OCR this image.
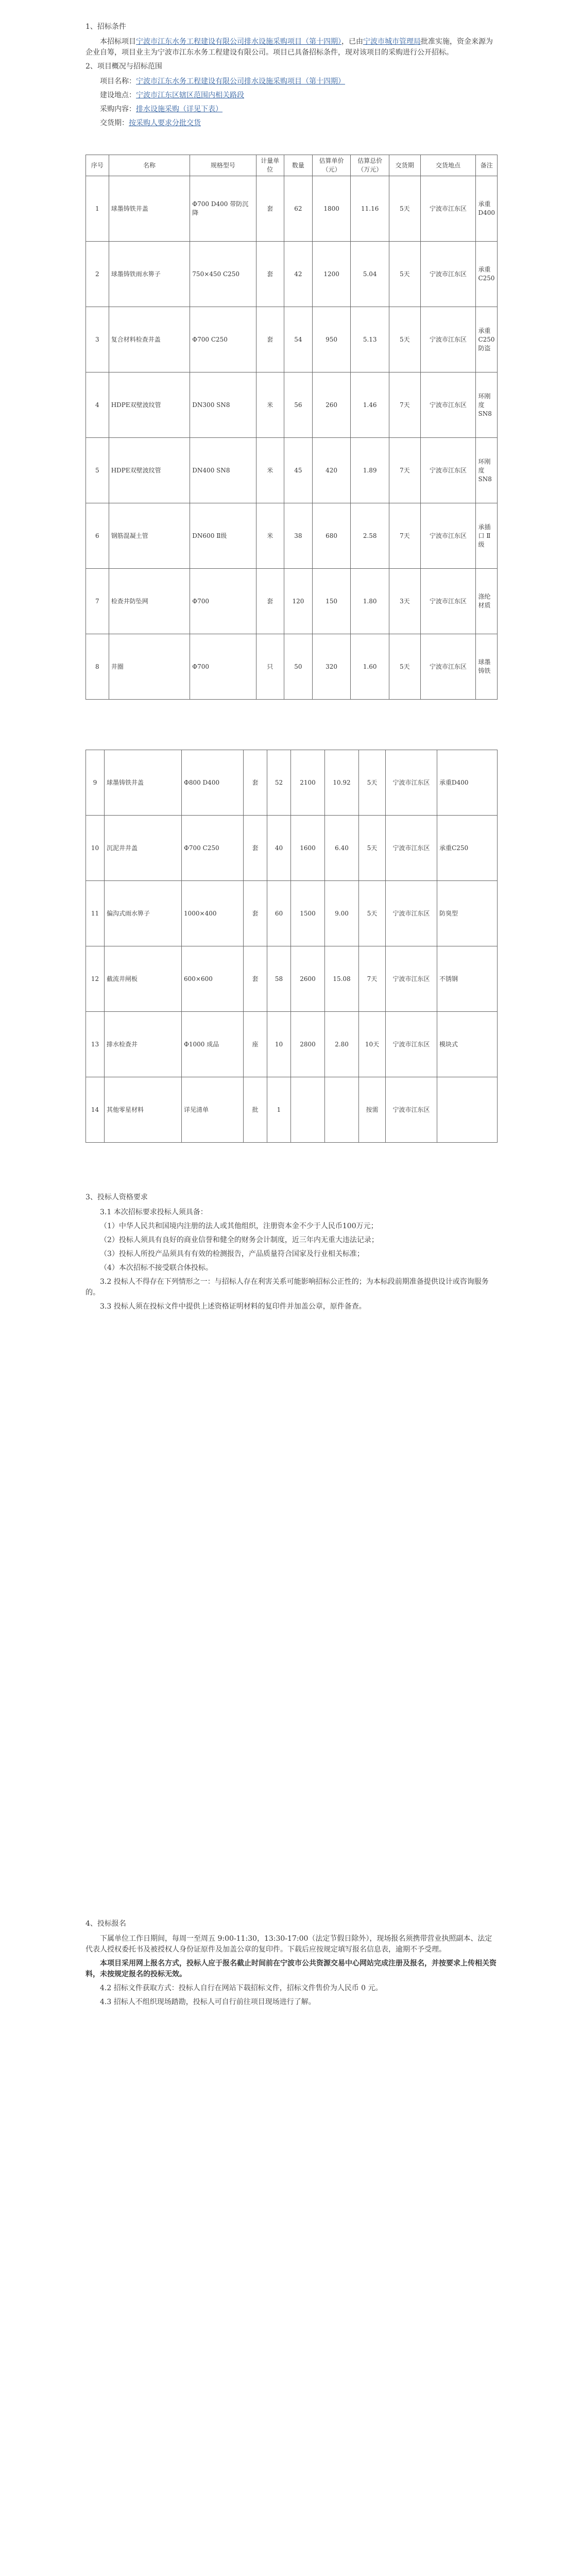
1、招标条件

本招标项目宁波市江东水务工程建设有限公司排水设施采购项目（第十四期），已由宁波市城市管理局批准实施，资金来源为企业自筹，项目业主为宁波市江东水务工程建设有限公司。项目已具备招标条件，现对该项目的采购进行公开招标。

2、项目概况与招标范围

项目名称：宁波市江东水务工程建设有限公司排水设施采购项目（第十四期）

建设地点：宁波市江东区辖区范围内相关路段

采购内容：排水设施采购（详见下表）

交货期：按采购人要求分批交货

序号	名称	规格型号	计量单位	数量	估算单价（元）	估算总价（万元）	交货期	交货地点	备注
1	球墨铸铁井盖	Φ700 D400 带防沉降	套	62	1800	11.16	5天	宁波市江东区	承重D400
2	球墨铸铁雨水箅子	750×450 C250	套	42	1200	5.04	5天	宁波市江东区	承重C250
3	复合材料检查井盖	Φ700 C250	套	54	950	5.13	5天	宁波市江东区	承重C250 防盗
4	HDPE双壁波纹管	DN300 SN8	米	56	260	1.46	7天	宁波市江东区	环刚度SN8
5	HDPE双壁波纹管	DN400 SN8	米	45	420	1.89	7天	宁波市江东区	环刚度SN8
6	钢筋混凝土管	DN600 Ⅱ级	米	38	680	2.58	7天	宁波市江东区	承插口 Ⅱ级
7	检查井防坠网	Φ700	套	120	150	1.80	3天	宁波市江东区	涤纶材质
8	井圈	Φ700	只	50	320	1.60	5天	宁波市江东区	球墨铸铁
9	球墨铸铁井盖	Φ800 D400	套	52	2100	10.92	5天	宁波市江东区	承重D400
10	沉泥井井盖	Φ700 C250	套	40	1600	6.40	5天	宁波市江东区	承重C250
11	偏沟式雨水箅子	1000×400	套	60	1500	9.00	5天	宁波市江东区	防臭型
12	截流井闸板	600×600	套	58	2600	15.08	7天	宁波市江东区	不锈钢
13	排水检查井	Φ1000 成品	座	10	2800	2.80	10天	宁波市江东区	模块式
14	其他零星材料	详见清单	批	1			按需	宁波市江东区	

3、投标人资格要求

3.1 本次招标要求投标人须具备：

（1）中华人民共和国境内注册的法人或其他组织，注册资本金不少于人民币100万元；

（2）投标人须具有良好的商业信誉和健全的财务会计制度，近三年内无重大违法记录；

（3）投标人所投产品须具有有效的检测报告，产品质量符合国家及行业相关标准；

（4）本次招标不接受联合体投标。

3.2 投标人不得存在下列情形之一：与招标人存在利害关系可能影响招标公正性的；为本标段前期准备提供设计或咨询服务的。

3.3 投标人须在投标文件中提供上述资格证明材料的复印件并加盖公章，原件备查。

4、投标报名

下属单位工作日期间，每周一至周五 9:00-11:30，13:30-17:00（法定节假日除外），现场报名须携带营业执照副本、法定代表人授权委托书及被授权人身份证原件及加盖公章的复印件。下载后应按规定填写报名信息表，逾期不予受理。

本项目采用网上报名方式，投标人应于报名截止时间前在宁波市公共资源交易中心网站完成注册及报名，并按要求上传相关资料，未按规定报名的投标无效。

4.2 招标文件获取方式：投标人自行在网站下载招标文件，招标文件售价为人民币 0 元。

4.3 招标人不组织现场踏勘，投标人可自行前往项目现场进行了解。
